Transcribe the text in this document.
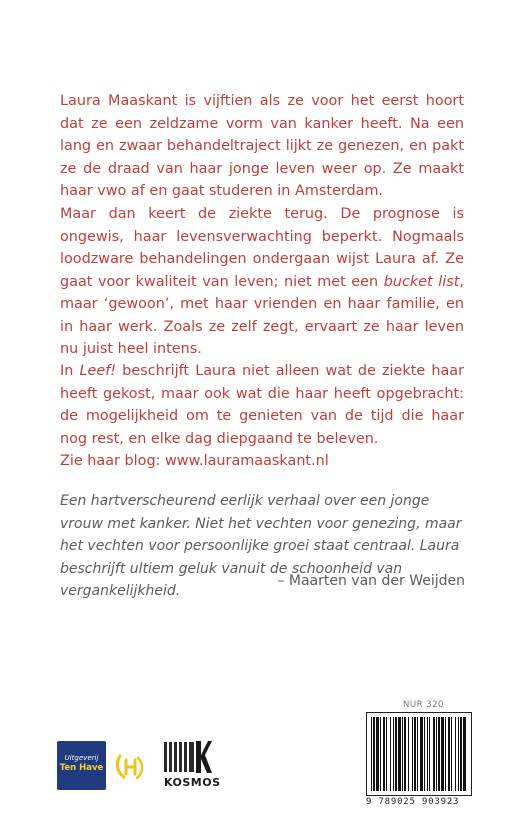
Laura Maaskant is vijftien als ze voor het eerst hoort dat ze een zeldzame vorm van kanker heeft. Na een lang en zwaar behandeltraject lijkt ze genezen, en pakt ze de draad van haar jonge leven weer op. Ze maakt haar vwo af en gaat studeren in Amsterdam.

Maar dan keert de ziekte terug. De prognose is ongewis, haar levensverwachting beperkt. Nogmaals loodzware behandelingen ondergaan wijst Laura af. Ze gaat voor kwaliteit van leven; niet met een bucket list, maar ‘gewoon’, met haar vrienden en haar familie, en in haar werk. Zoals ze zelf zegt, ervaart ze haar leven nu juist heel intens.

In Leef! beschrijft Laura niet alleen wat de ziekte haar heeft gekost, maar ook wat die haar heeft opgebracht: de mogelijkheid om te genieten van de tijd die haar nog rest, en elke dag diepgaand te beleven.
Zie haar blog: www.lauramaaskant.nl

Een hartverscheurend eerlijk verhaal over een jonge vrouw met kanker. Niet het vechten voor genezing, maar het vechten voor persoonlijke groei staat centraal. Laura beschrijft ultiem geluk vanuit de schoonheid van vergankelijkheid.

– Maarten van der Weijden
Uitgeverij
Ten Have
KOSMOS
NUR 320
9 789025 903923
